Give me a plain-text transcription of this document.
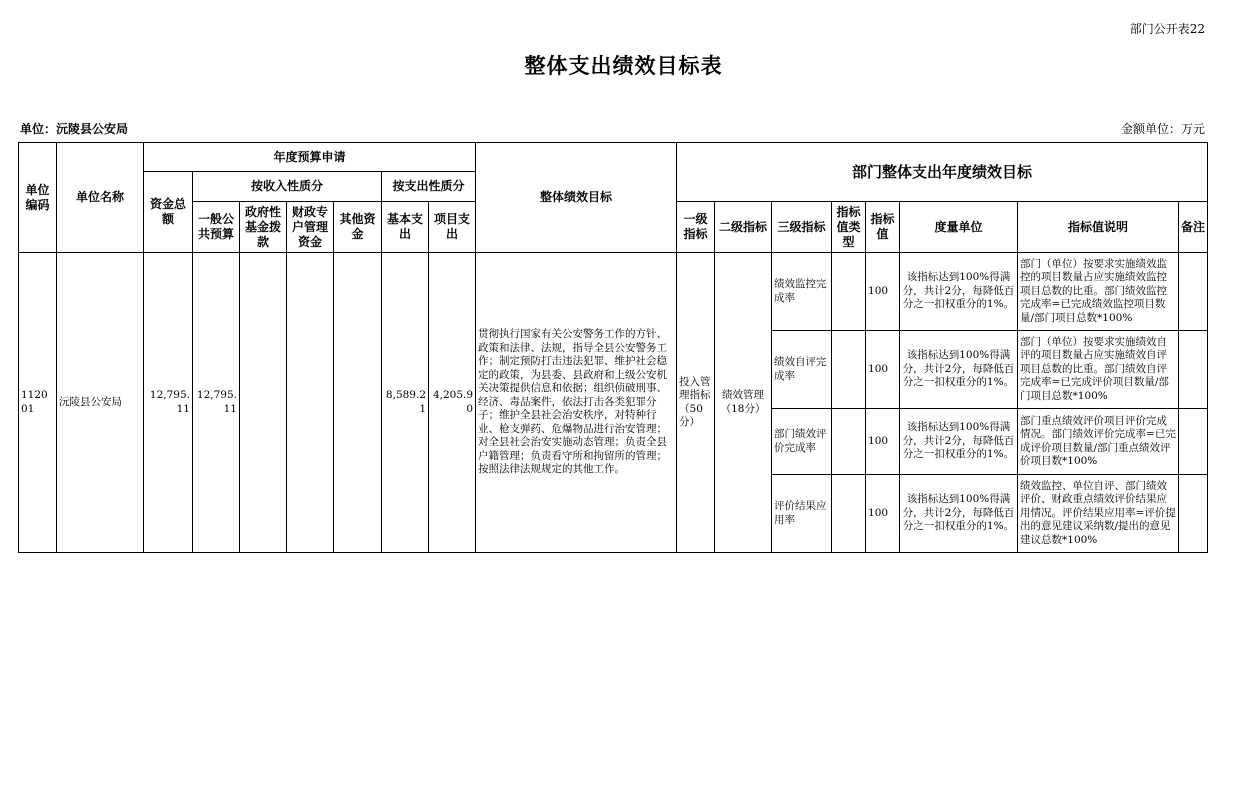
部门公开表22
整体支出绩效目标表
单位：沅陵县公安局	金额单位：万元
单位编码	单位名称	年度预算申请							整体绩效目标	部门整体支出年度绩效目标							
		资金总额	按收入性质分				按支出性质分										
			一般公共预算	政府性基金拨款	财政专户管理资金	其他资金	基本支出	项目支出		一级指标	二级指标	三级指标	指标值类型	指标值	度量单位	指标值说明	备注
112001	沅陵县公安局	12,795.11	12,795.11				8,589.21	4,205.90	贯彻执行国家有关公安警务工作的方针、政策和法律、法规，指导全县公安警务工作；制定预防打击违法犯罪、维护社会稳定的政策，为县委、县政府和上级公安机关决策提供信息和依据；组织侦破刑事、经济、毒品案件，依法打击各类犯罪分子；维护全县社会治安秩序，对特种行业、枪支弹药、危爆物品进行治安管理；对全县社会治安实施动态管理；负责全县户籍管理；负责看守所和拘留所的管理；按照法律法规规定的其他工作。	投入管理指标（50分）	绩效管理（18分）	绩效监控完成率		100	该指标达到100%得满分，共计2分，每降低百分之一扣权重分的1%。	部门（单位）按要求实施绩效监控的项目数量占应实施绩效监控项目总数的比重。部门绩效监控完成率=已完成绩效监控项目数量/部门项目总数*100%	

												绩效自评完成率		100	该指标达到100%得满分，共计2分，每降低百分之一扣权重分的1%。	部门（单位）按要求实施绩效自评的项目数量占应实施绩效自评项目总数的比重。部门绩效自评完成率=已完成评价项目数量/部门项目总数*100%	

												部门绩效评价完成率		100	该指标达到100%得满分，共计2分，每降低百分之一扣权重分的1%。	部门重点绩效评价项目评价完成情况。部门绩效评价完成率=已完成评价项目数量/部门重点绩效评价项目数*100%	

												评价结果应用率		100	该指标达到100%得满分，共计2分，每降低百分之一扣权重分的1%。	绩效监控、单位自评、部门绩效评价、财政重点绩效评价结果应用情况。评价结果应用率=评价提出的意见建议采纳数/提出的意见建议总数*100%	
